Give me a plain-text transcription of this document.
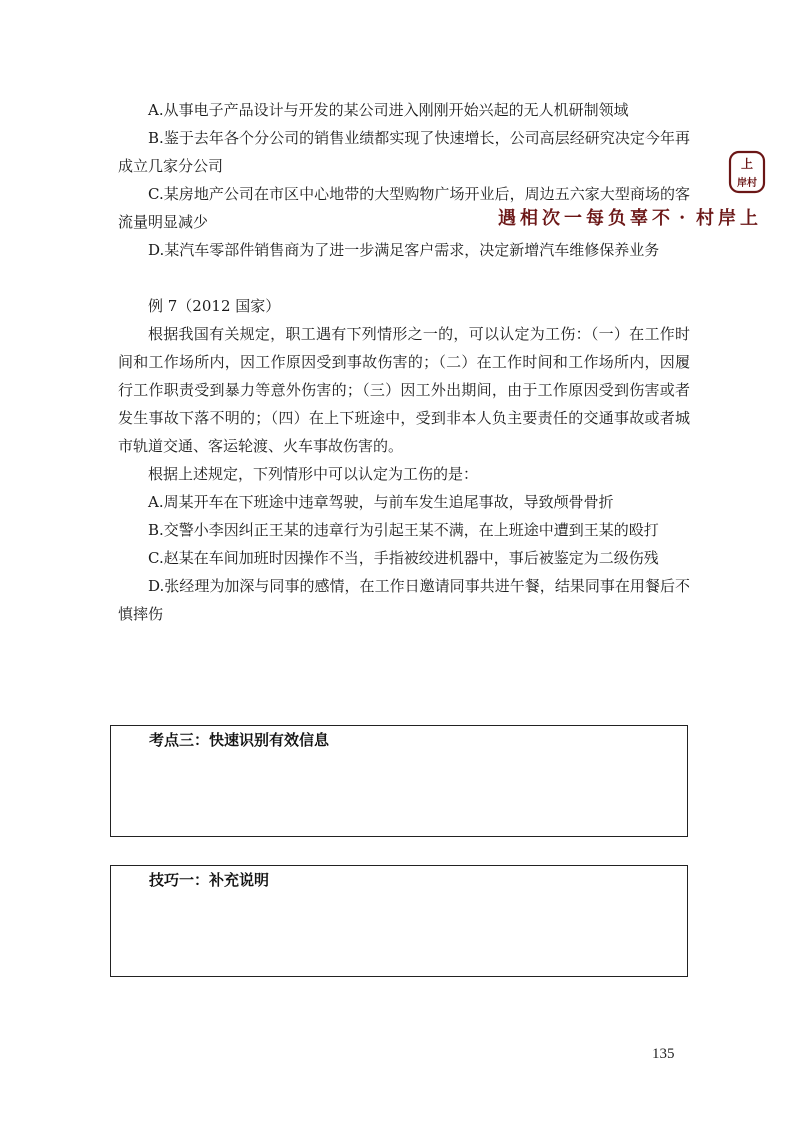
A.从事电子产品设计与开发的某公司进入刚刚开始兴起的无人机研制领域

B.鉴于去年各个分公司的销售业绩都实现了快速增长，公司高层经研究决定今年再成立几家分公司

C.某房地产公司在市区中心地带的大型购物广场开业后，周边五六家大型商场的客流量明显减少

D.某汽车零部件销售商为了进一步满足客户需求，决定新增汽车维修保养业务

例 7（2012 国家）

根据我国有关规定，职工遇有下列情形之一的，可以认定为工伤：（一）在工作时间和工作场所内，因工作原因受到事故伤害的；（二）在工作时间和工作场所内，因履行工作职责受到暴力等意外伤害的；（三）因工外出期间，由于工作原因受到伤害或者发生事故下落不明的；（四）在上下班途中，受到非本人负主要责任的交通事故或者城市轨道交通、客运轮渡、火车事故伤害的。

根据上述规定，下列情形中可以认定为工伤的是：

A.周某开车在下班途中违章驾驶，与前车发生追尾事故，导致颅骨骨折

B.交警小李因纠正王某的违章行为引起王某不满，在上班途中遭到王某的殴打

C.赵某在车间加班时因操作不当，手指被绞进机器中，事后被鉴定为二级伤残

D.张经理为加深与同事的感情，在工作日邀请同事共进午餐，结果同事在用餐后不慎摔伤

考点三：快速识别有效信息
技巧一：补充说明
上
岸村
上岸村·不辜负每一次相遇
135
